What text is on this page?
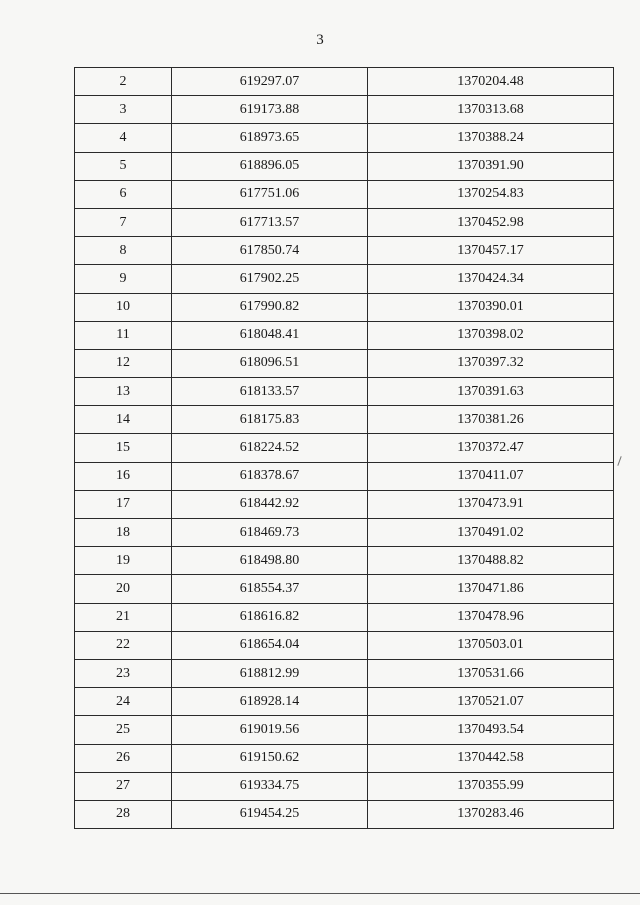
3
2	619297.07	1370204.48
3	619173.88	1370313.68
4	618973.65	1370388.24
5	618896.05	1370391.90
6	617751.06	1370254.83
7	617713.57	1370452.98
8	617850.74	1370457.17
9	617902.25	1370424.34
10	617990.82	1370390.01
11	618048.41	1370398.02
12	618096.51	1370397.32
13	618133.57	1370391.63
14	618175.83	1370381.26
15	618224.52	1370372.47
16	618378.67	1370411.07
17	618442.92	1370473.91
18	618469.73	1370491.02
19	618498.80	1370488.82
20	618554.37	1370471.86
21	618616.82	1370478.96
22	618654.04	1370503.01
23	618812.99	1370531.66
24	618928.14	1370521.07
25	619019.56	1370493.54
26	619150.62	1370442.58
27	619334.75	1370355.99
28	619454.25	1370283.46
